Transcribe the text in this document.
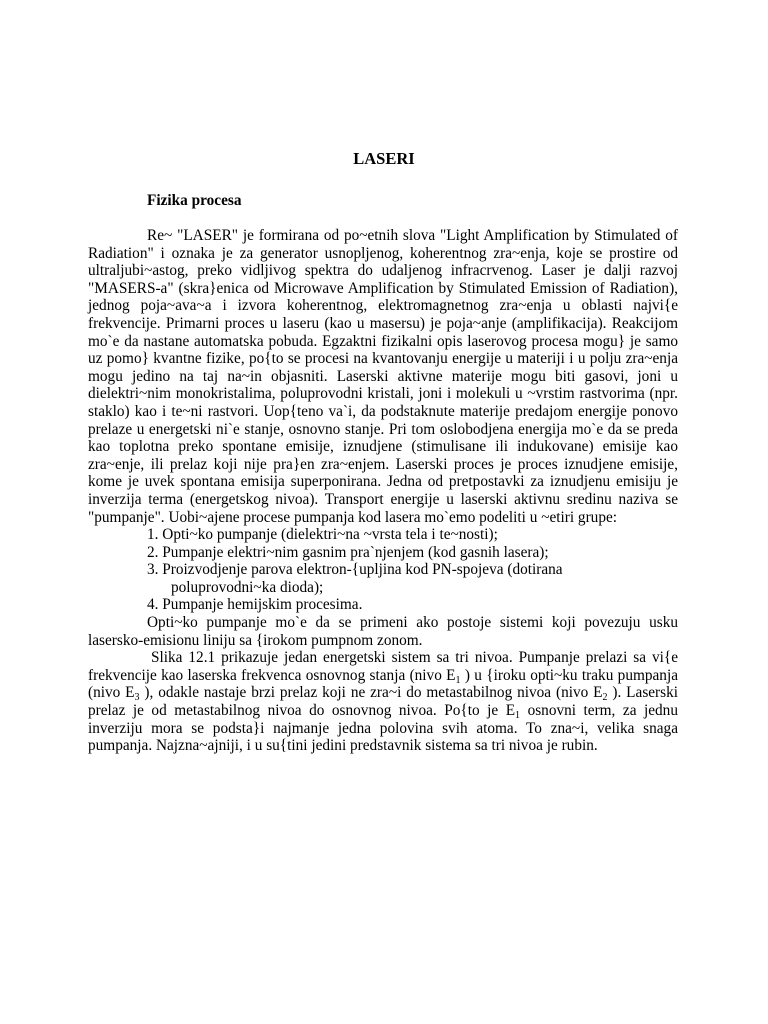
LASERI
Fizika procesa

Re~ "LASER" je formirana od po~etnih slova "Light Amplification by Stimulated of Radiation" i oznaka je za generator usnopljenog, koherentnog zra~enja, koje se prostire od ultraljubi~astog, preko vidljivog spektra do udaljenog infracrvenog. Laser je dalji razvoj "MASERS-a" (skra}enica od Microwave Amplification by Stimulated Emission of Radiation), jednog poja~ava~a i izvora koherentnog, elektromagnetnog zra~enja u oblasti najvi{e frekvencije. Primarni proces u laseru (kao u masersu) je poja~anje (amplifikacija). Reakcijom mo`e da nastane automatska pobuda. Egzaktni fizikalni opis laserovog procesa mogu} je samo uz pomo} kvantne fizike, po{to se procesi na kvantovanju energije u materiji i u polju zra~enja mogu jedino na taj na~in objasniti. Laserski aktivne materije mogu biti gasovi, joni u dielektri~nim monokristalima, poluprovodni kristali, joni i molekuli u ~vrstim rastvorima (npr. staklo) kao i te~ni rastvori. Uop{teno va`i, da podstaknute materije predajom energije ponovo prelaze u energetski ni`e stanje, osnovno stanje. Pri tom oslobodjena energija mo`e da se preda kao toplotna preko spontane emisije, iznudjene (stimulisane ili indukovane) emisije kao zra~enje, ili prelaz koji nije pra}en zra~enjem. Laserski proces je proces iznudjene emisije, kome je uvek spontana emisija superponirana. Jedna od pretpostavki za iznudjenu emisiju je inverzija terma (energetskog nivoa). Transport energije u laserski aktivnu sredinu naziva se "pumpanje". Uobi~ajene procese pumpanja kod lasera mo`emo podeliti u ~etiri grupe:

1. Opti~ko pumpanje (dielektri~na ~vrsta tela i te~nosti);
2. Pumpanje elektri~nim gasnim pra`njenjem (kod gasnih lasera);
3. Proizvodjenje parova elektron-{upljina kod PN-spojeva (dotirana
poluprovodni~ka dioda);
4. Pumpanje hemijskim procesima.

Opti~ko pumpanje mo`e da se primeni ako postoje sistemi koji povezuju usku lasersko-emisionu liniju sa {irokom pumpnom zonom.

Slika 12.1 prikazuje jedan energetski sistem sa tri nivoa. Pumpanje prelazi sa vi{e frekvencije kao laserska frekvenca osnovnog stanja (nivo $E_1$ ) u {iroku opti~ku traku pumpanja (nivo $E_3$ ), odakle nastaje brzi prelaz koji ne zra~i do metastabilnog nivoa (nivo $E_2$ ). Laserski prelaz je od metastabilnog nivoa do osnovnog nivoa. Po{to je $E_1$ osnovni term, za jednu inverziju mora se podsta}i najmanje jedna polovina svih atoma. To zna~i, velika snaga pumpanja. Najzna~ajniji, i u su{tini jedini predstavnik sistema sa tri nivoa je rubin.
